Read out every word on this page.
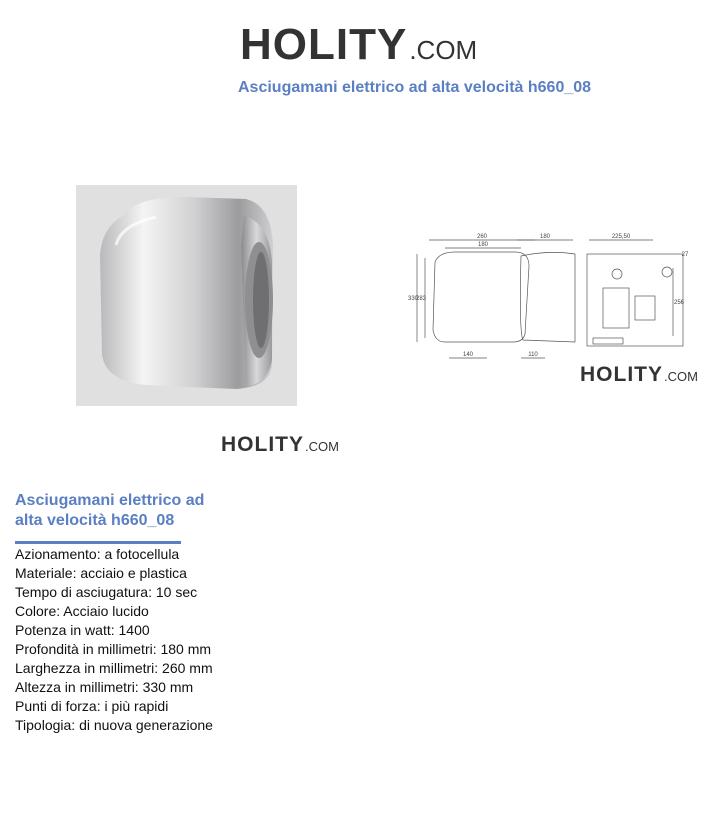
HOLITY .COM
Asciugamani elettrico ad alta velocità h660_08
HOLITY .COM
260
180
330
283
140
180
110
225,50
256
27
HOLITY .COM
Asciugamani elettrico ad alta velocità h660_08
Azionamento: a fotocellula
Materiale: acciaio e plastica
Tempo di asciugatura: 10 sec
Colore: Acciaio lucido
Potenza in watt: 1400
Profondità in millimetri: 180 mm
Larghezza in millimetri: 260 mm
Altezza in millimetri: 330 mm
Punti di forza: i più rapidi
Tipologia: di nuova generazione
